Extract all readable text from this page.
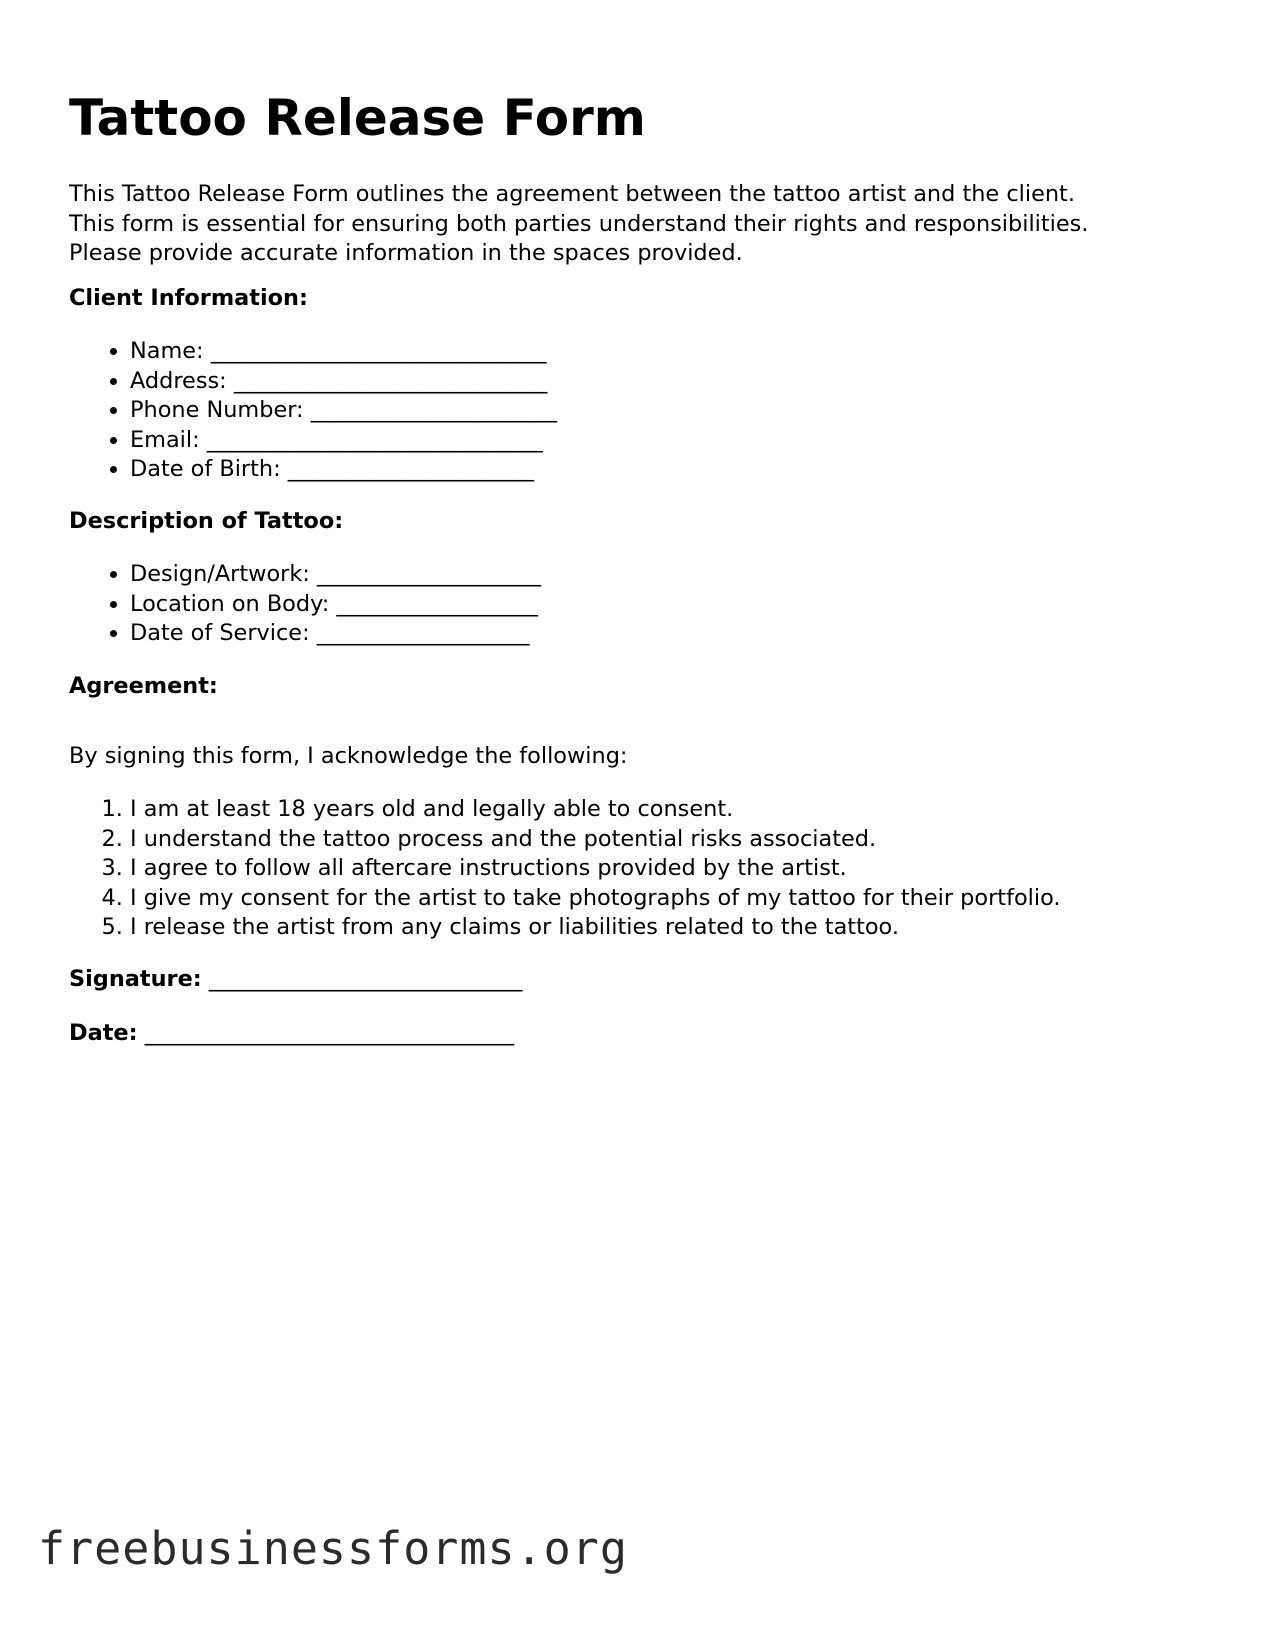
Tattoo Release Form

This Tattoo Release Form outlines the agreement between the tattoo artist and the client.
This form is essential for ensuring both parties understand their rights and responsibilities.
Please provide accurate information in the spaces provided.

Client Information:

• Name: ______________________________
• Address: ____________________________
• Phone Number: ______________________
• Email: ______________________________
• Date of Birth: ______________________

Description of Tattoo:

• Design/Artwork: ____________________
• Location on Body: __________________
• Date of Service: ___________________

Agreement:

By signing this form, I acknowledge the following:

1. I am at least 18 years old and legally able to consent.
2. I understand the tattoo process and the potential risks associated.
3. I agree to follow all aftercare instructions provided by the artist.
4. I give my consent for the artist to take photographs of my tattoo for their portfolio.
5. I release the artist from any claims or liabilities related to the tattoo.

Signature: ____________________________

Date: _________________________________

freebusinessforms.org
